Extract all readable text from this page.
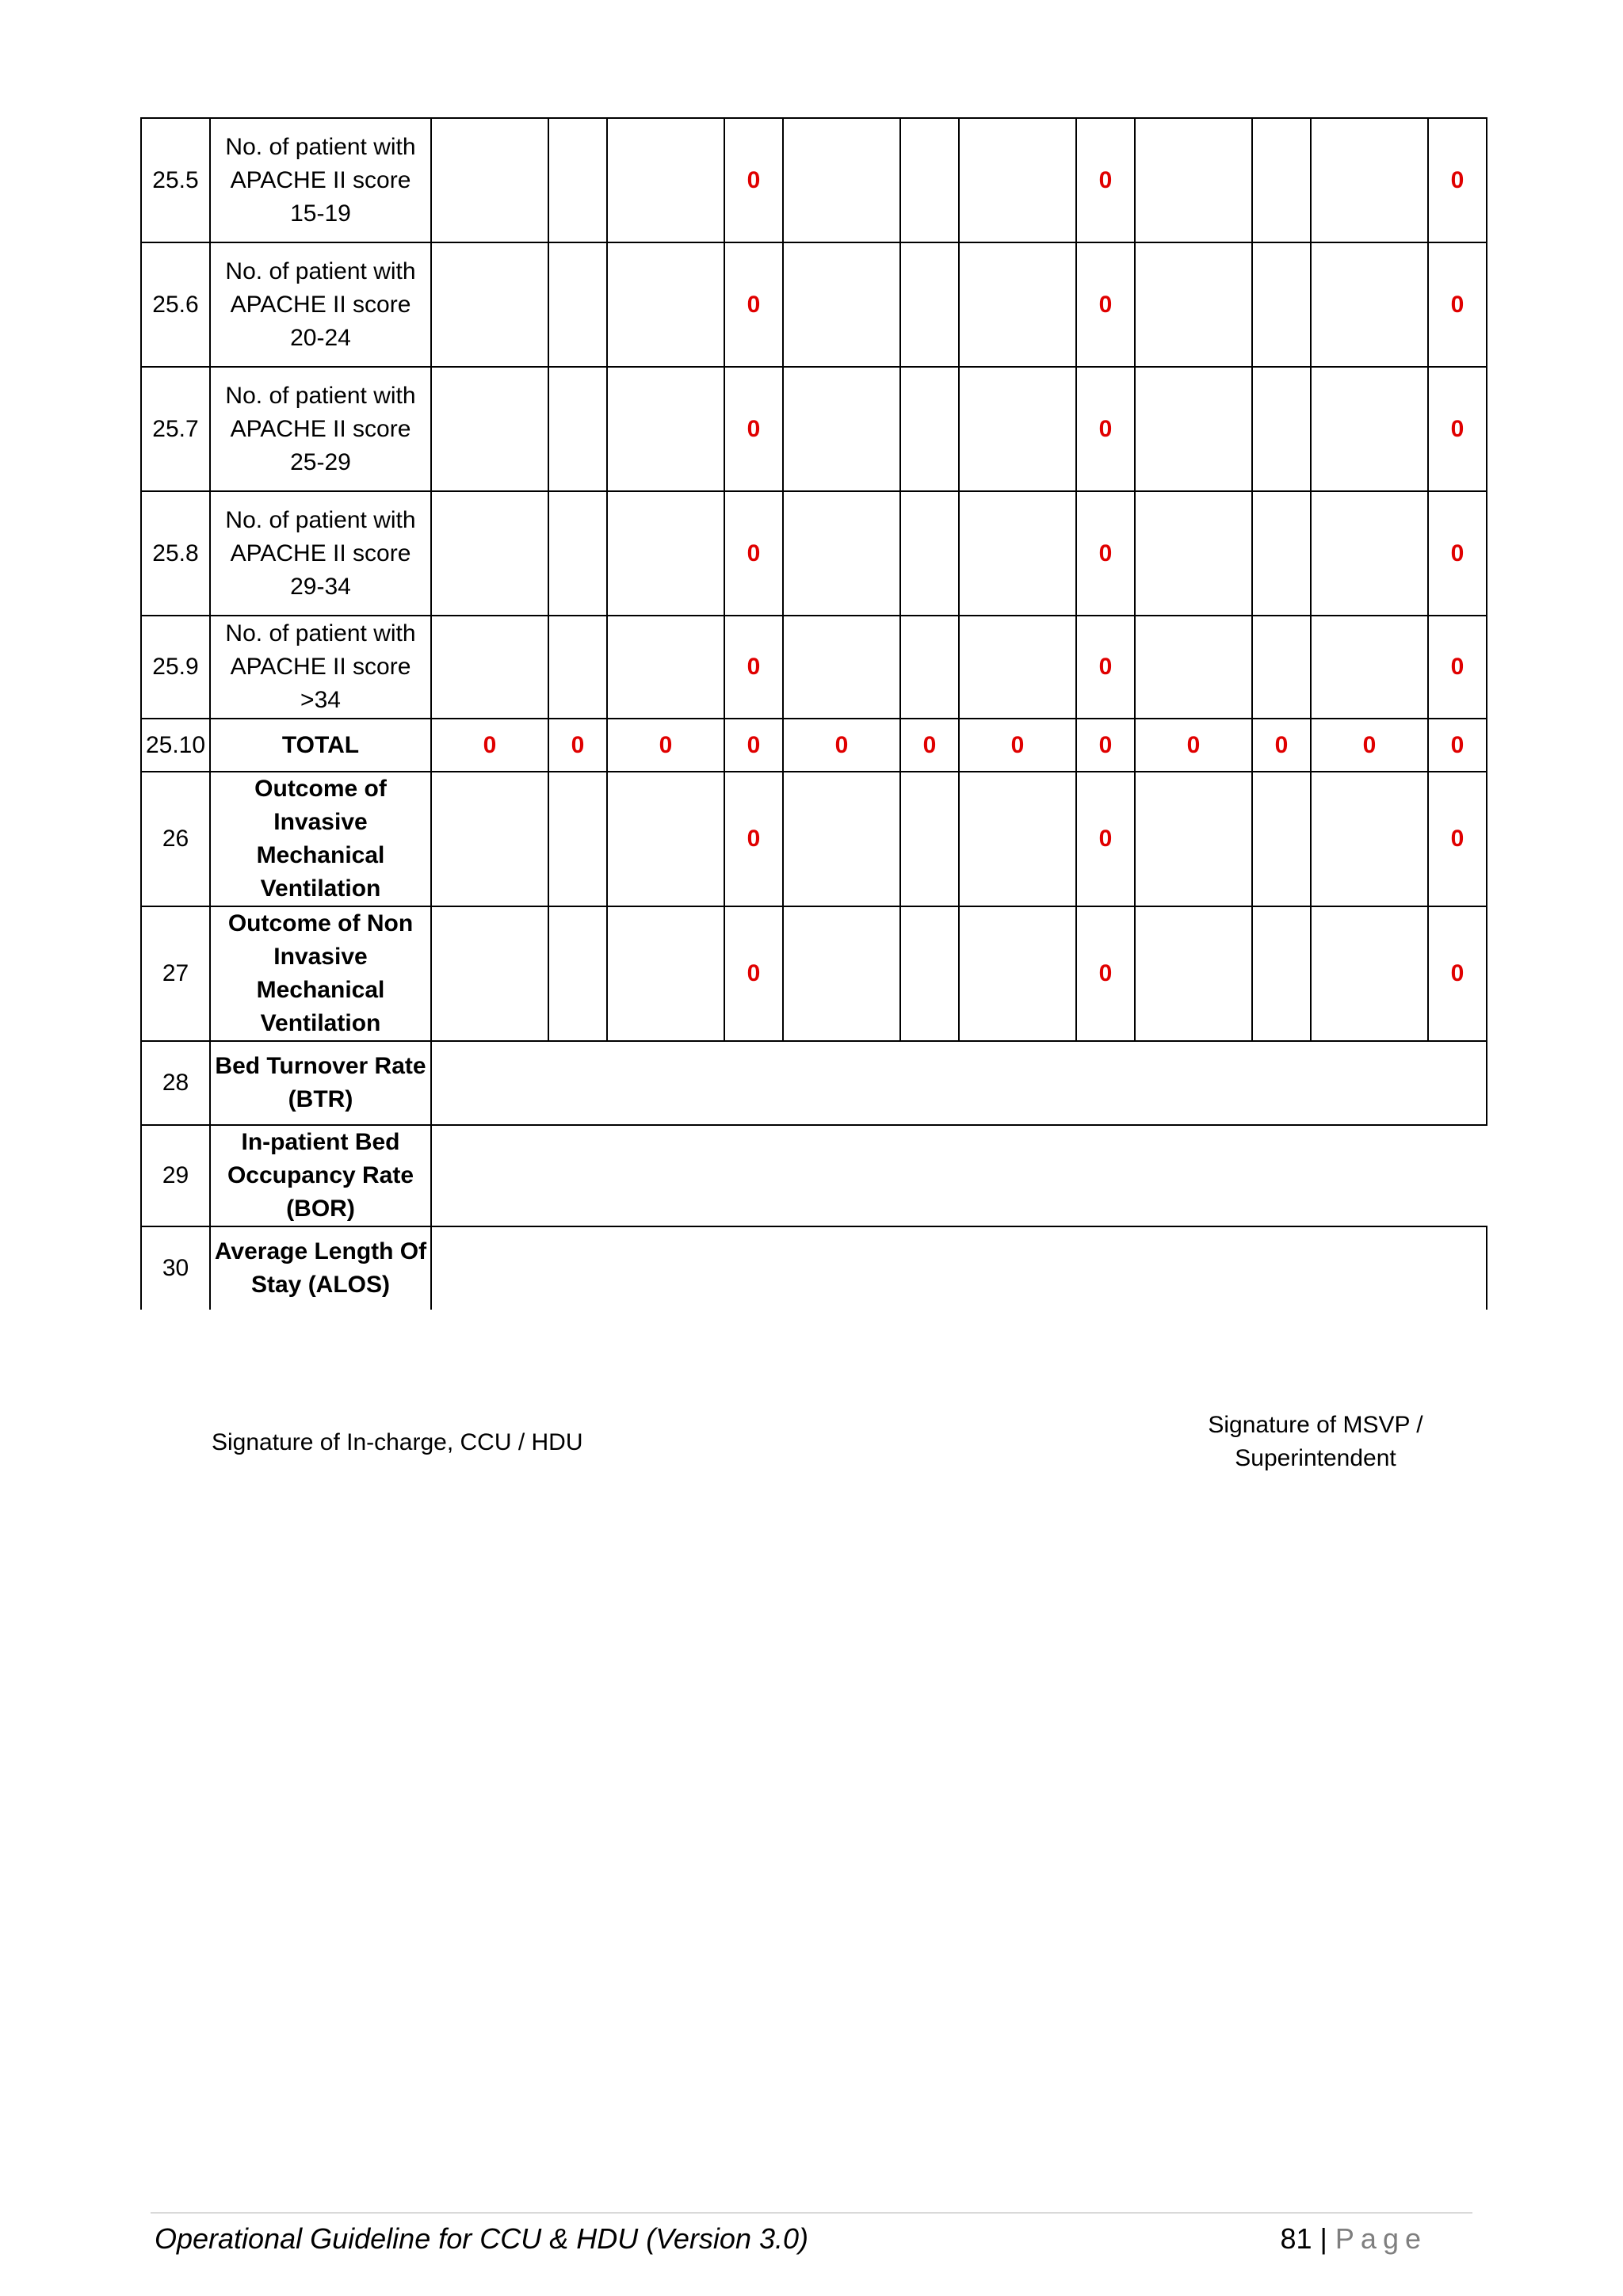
25.5	No. of patient with APACHE II score 15-19				0				0				0
25.6	No. of patient with APACHE II score 20-24				0				0				0
25.7	No. of patient with APACHE II score 25-29				0				0				0
25.8	No. of patient with APACHE II score 29-34				0				0				0
25.9	No. of patient with APACHE II score >34				0				0				0
25.10	TOTAL	0	0	0	0	0	0	0	0	0	0	0	0
26	Outcome of Invasive Mechanical Ventilation				0				0				0
27	Outcome of Non Invasive Mechanical Ventilation				0				0				0
28	Bed Turnover Rate (BTR)												
29	In-patient Bed Occupancy Rate (BOR)												
30	Average Length Of Stay (ALOS)												
Signature of In-charge, CCU / HDU
Signature of MSVP /
Superintendent
Operational Guideline for CCU & HDU (Version 3.0)	81 | Page
